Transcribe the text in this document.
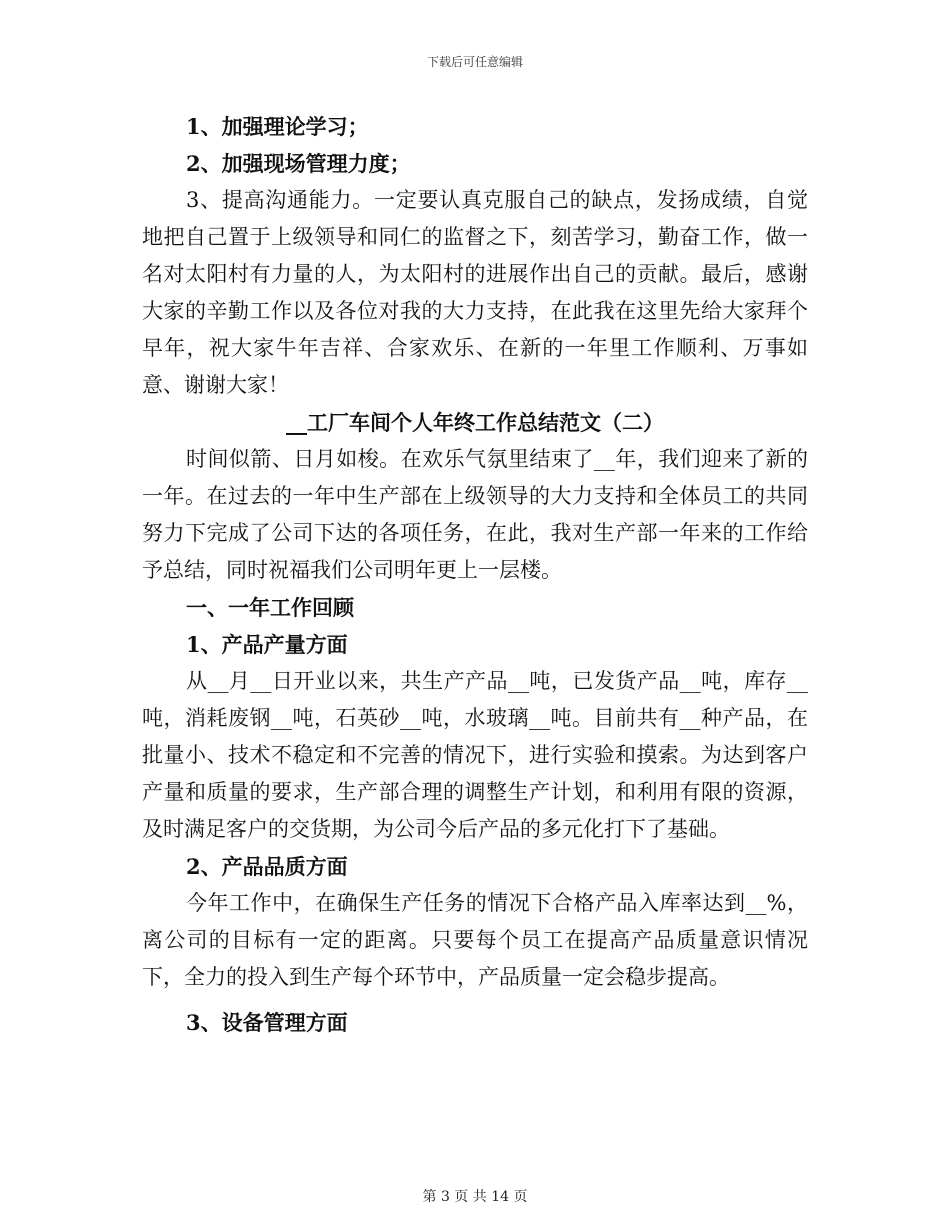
下载后可任意编辑

1、加强理论学习；

2、加强现场管理力度；

3、提高沟通能力。一定要认真克服自己的缺点，发扬成绩，自觉地把自己置于上级领导和同仁的监督之下，刻苦学习，勤奋工作，做一名对太阳村有力量的人，为太阳村的进展作出自己的贡献。最后，感谢大家的辛勤工作以及各位对我的大力支持，在此我在这里先给大家拜个早年，祝大家牛年吉祥、合家欢乐、在新的一年里工作顺利、万事如意、谢谢大家！

__工厂车间个人年终工作总结范文（二）

时间似箭、日月如梭。在欢乐气氛里结束了__年，我们迎来了新的一年。在过去的一年中生产部在上级领导的大力支持和全体员工的共同努力下完成了公司下达的各项任务，在此，我对生产部一年来的工作给予总结，同时祝福我们公司明年更上一层楼。

一、一年工作回顾

1、产品产量方面

从__月__日开业以来，共生产产品__吨，已发货产品__吨，库存__吨，消耗废钢__吨，石英砂__吨，水玻璃__吨。目前共有__种产品，在批量小、技术不稳定和不完善的情况下，进行实验和摸索。为达到客户产量和质量的要求，生产部合理的调整生产计划，和利用有限的资源，及时满足客户的交货期，为公司今后产品的多元化打下了基础。

2、产品品质方面

今年工作中，在确保生产任务的情况下合格产品入库率达到__%，离公司的目标有一定的距离。只要每个员工在提高产品质量意识情况下，全力的投入到生产每个环节中，产品质量一定会稳步提高。

3、设备管理方面

第 3 页 共 14 页
